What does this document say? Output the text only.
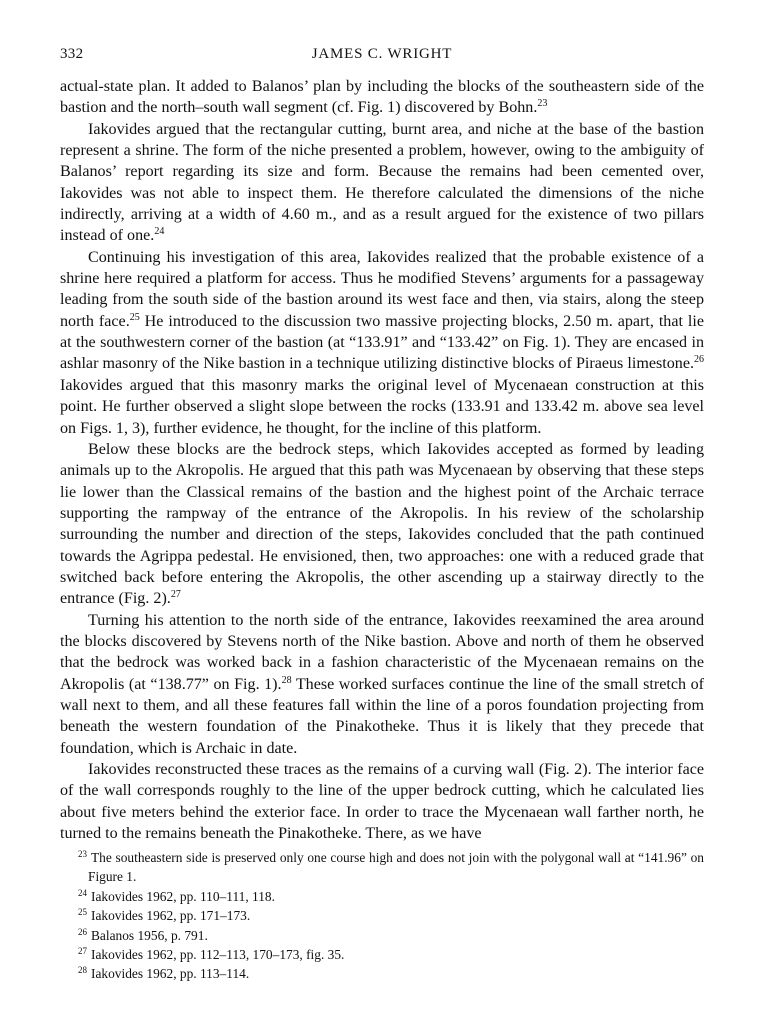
332	JAMES C. WRIGHT

actual-state plan. It added to Balanos’ plan by including the blocks of the southeastern side of the bastion and the north–south wall segment (cf. Fig. 1) discovered by Bohn.$^{23}$

Iakovides argued that the rectangular cutting, burnt area, and niche at the base of the bastion represent a shrine. The form of the niche presented a problem, however, owing to the ambiguity of Balanos’ report regarding its size and form. Because the remains had been cemented over, Iakovides was not able to inspect them. He therefore calculated the dimensions of the niche indirectly, arriving at a width of 4.60 m., and as a result argued for the existence of two pillars instead of one.$^{24}$

Continuing his investigation of this area, Iakovides realized that the probable existence of a shrine here required a platform for access. Thus he modified Stevens’ arguments for a passageway leading from the south side of the bastion around its west face and then, via stairs, along the steep north face.$^{25}$ He introduced to the discussion two massive projecting blocks, 2.50 m. apart, that lie at the southwestern corner of the bastion (at “133.91” and “133.42” on Fig. 1). They are encased in ashlar masonry of the Nike bastion in a technique utilizing distinctive blocks of Piraeus limestone.$^{26}$ Iakovides argued that this masonry marks the original level of Mycenaean construction at this point. He further observed a slight slope between the rocks (133.91 and 133.42 m. above sea level on Figs. 1, 3), further evidence, he thought, for the incline of this platform.

Below these blocks are the bedrock steps, which Iakovides accepted as formed by leading animals up to the Akropolis. He argued that this path was Mycenaean by observing that these steps lie lower than the Classical remains of the bastion and the highest point of the Archaic terrace supporting the rampway of the entrance of the Akropolis. In his review of the scholarship surrounding the number and direction of the steps, Iakovides concluded that the path continued towards the Agrippa pedestal. He envisioned, then, two approaches: one with a reduced grade that switched back before entering the Akropolis, the other ascending up a stairway directly to the entrance (Fig. 2).$^{27}$

Turning his attention to the north side of the entrance, Iakovides reexamined the area around the blocks discovered by Stevens north of the Nike bastion. Above and north of them he observed that the bedrock was worked back in a fashion characteristic of the Mycenaean remains on the Akropolis (at “138.77” on Fig. 1).$^{28}$ These worked surfaces continue the line of the small stretch of wall next to them, and all these features fall within the line of a poros foundation projecting from beneath the western foundation of the Pinakotheke. Thus it is likely that they precede that foundation, which is Archaic in date.

Iakovides reconstructed these traces as the remains of a curving wall (Fig. 2). The interior face of the wall corresponds roughly to the line of the upper bedrock cutting, which he calculated lies about five meters behind the exterior face. In order to trace the Mycenaean wall farther north, he turned to the remains beneath the Pinakotheke. There, as we have

$^{23}$ The southeastern side is preserved only one course high and does not join with the polygonal wall at “141.96” on Figure 1.

$^{24}$ Iakovides 1962, pp. 110–111, 118.

$^{25}$ Iakovides 1962, pp. 171–173.

$^{26}$ Balanos 1956, p. 791.

$^{27}$ Iakovides 1962, pp. 112–113, 170–173, fig. 35.

$^{28}$ Iakovides 1962, pp. 113–114.
